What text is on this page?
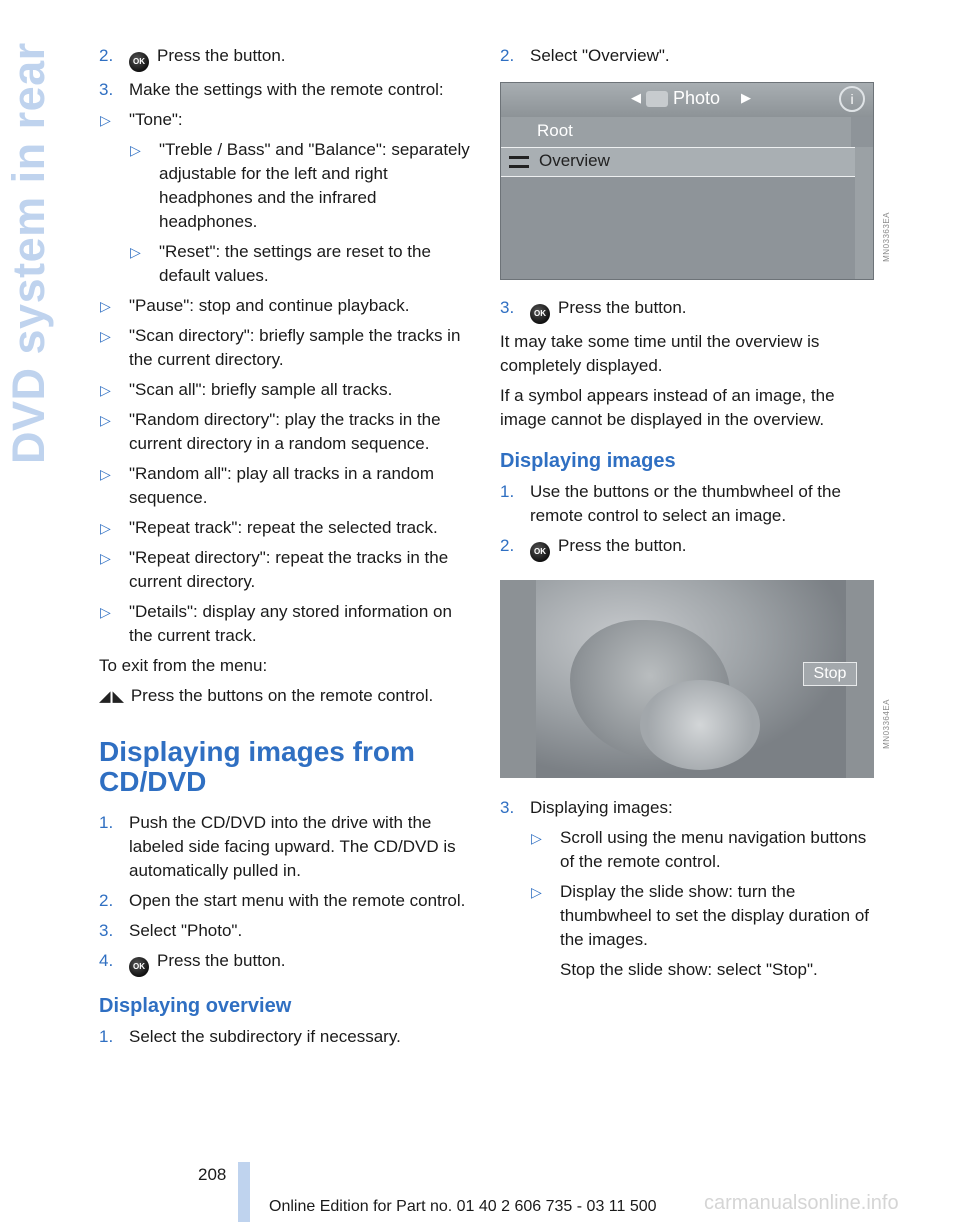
DVD system in rear	2. OK Press the button.
3. Make the settings with the remote control:
▷ "Tone":
▷ "Treble / Bass" and "Balance": separately adjustable for the left and right headphones and the infrared headphones.
▷ "Reset": the settings are reset to the default values.
▷ "Pause": stop and continue playback.
▷ "Scan directory": briefly sample the tracks in the current directory.
▷ "Scan all": briefly sample all tracks.
▷ "Random directory": play the tracks in the current directory in a random sequence.
▷ "Random all": play all tracks in a random sequence.
▷ "Repeat track": repeat the selected track.
▷ "Repeat directory": repeat the tracks in the current directory.
▷ "Details": display any stored information on the current track.
To exit from the menu:
◢ ◣ Press the buttons on the remote control.
Displaying images from CD/DVD
1. Push the CD/DVD into the drive with the labeled side facing upward. The CD/DVD is automatically pulled in.
2. Open the start menu with the remote control.
3. Select "Photo".
4. OK Press the button.
Displaying overview
1. Select the subdirectory if necessary.
2. Select "Overview".
◀ Photo ▶	i
Root
Overview
MN03363EA
3. OK Press the button.
It may take some time until the overview is completely displayed.
If a symbol appears instead of an image, the image cannot be displayed in the overview.
Displaying images
1. Use the buttons or the thumbwheel of the remote control to select an image.
2. OK Press the button.
Stop
MN03364EA
3. Displaying images:
▷ Scroll using the menu navigation buttons of the remote control.
▷ Display the slide show: turn the thumbwheel to set the display duration of the images.
Stop the slide show: select "Stop".
208
Online Edition for Part no. 01 40 2 606 735 - 03 11 500 carmanualsonline.info
